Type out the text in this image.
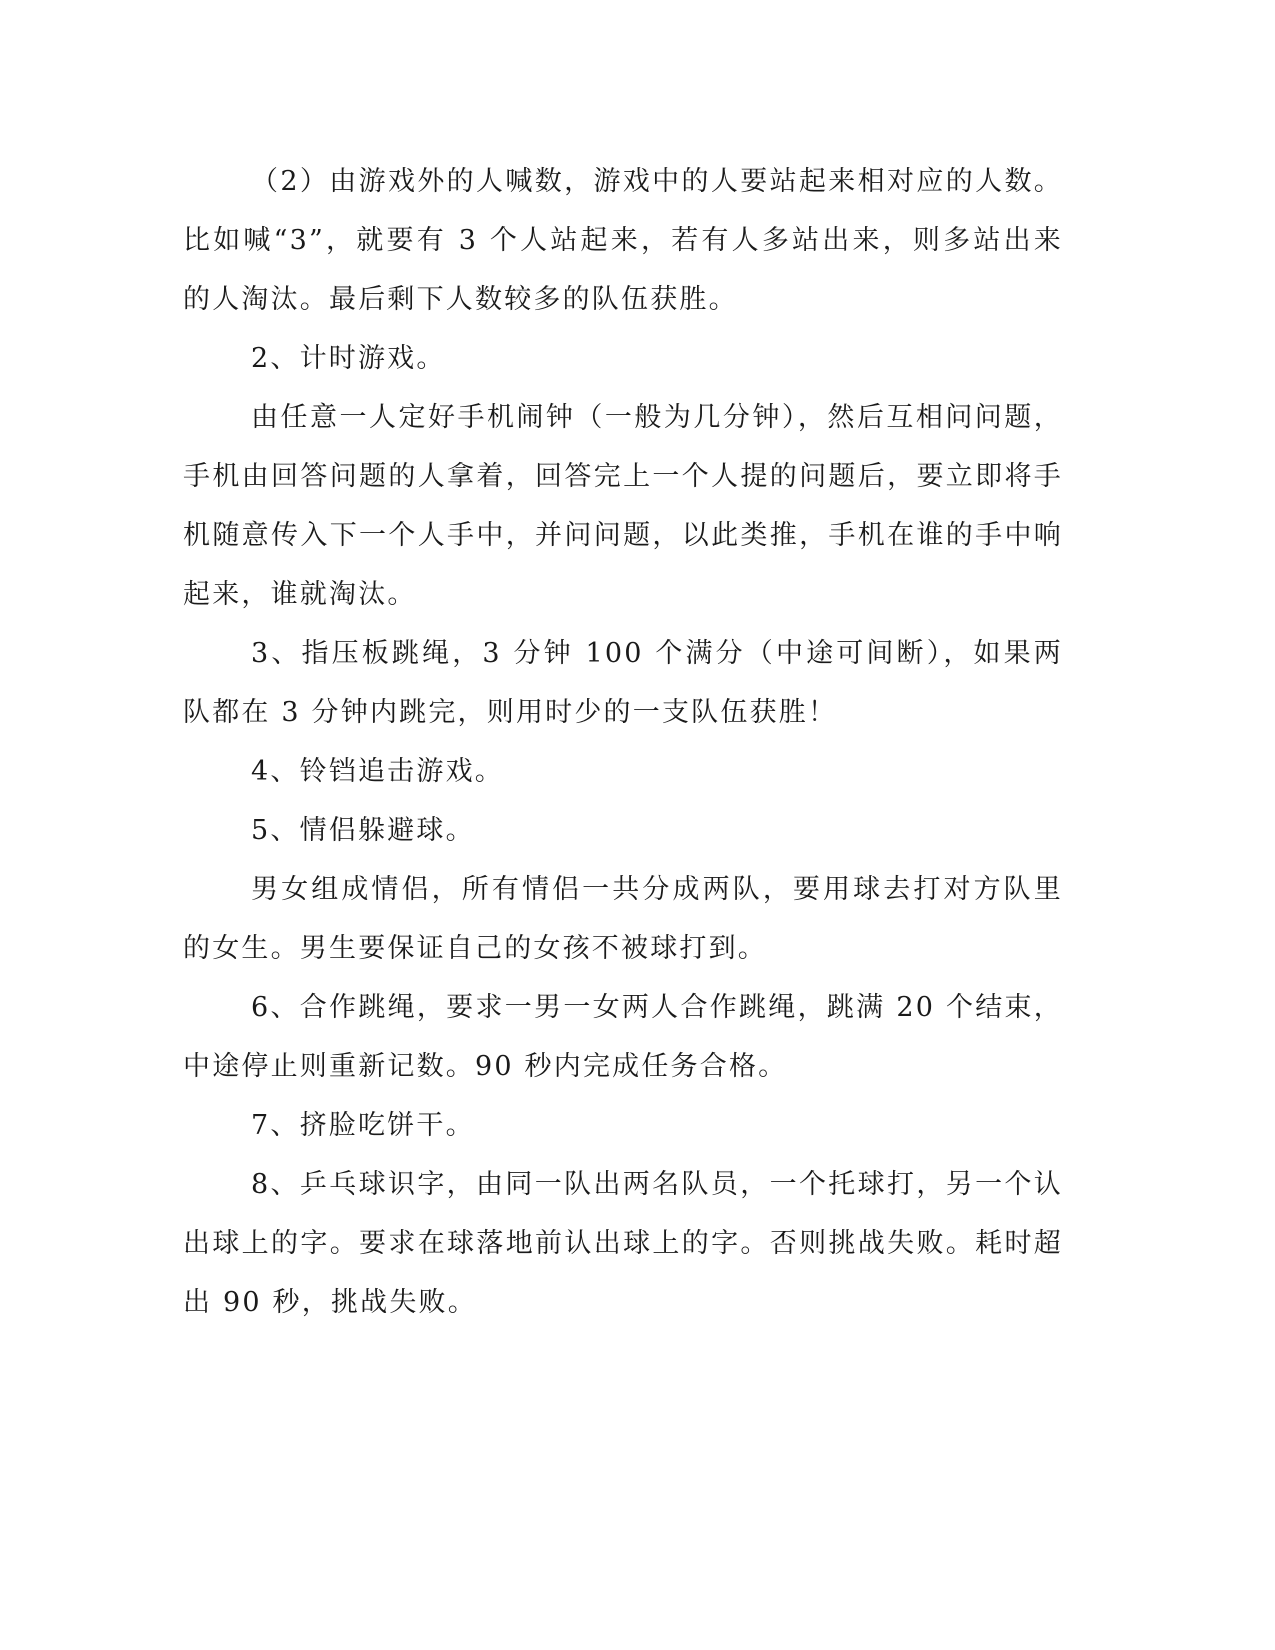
（2）由游戏外的人喊数，游戏中的人要站起来相对应的人数。比如喊“3”，就要有 3 个人站起来，若有人多站出来，则多站出来的人淘汰。最后剩下人数较多的队伍获胜。

2、计时游戏。

由任意一人定好手机闹钟（一般为几分钟），然后互相问问题，手机由回答问题的人拿着，回答完上一个人提的问题后，要立即将手机随意传入下一个人手中，并问问题，以此类推，手机在谁的手中响起来，谁就淘汰。

3、指压板跳绳，3 分钟 100 个满分（中途可间断），如果两队都在 3 分钟内跳完，则用时少的一支队伍获胜！

4、铃铛追击游戏。

5、情侣躲避球。

男女组成情侣，所有情侣一共分成两队，要用球去打对方队里的女生。男生要保证自己的女孩不被球打到。

6、合作跳绳，要求一男一女两人合作跳绳，跳满 20 个结束，中途停止则重新记数。90 秒内完成任务合格。

7、挤脸吃饼干。

8、乒乓球识字，由同一队出两名队员，一个托球打，另一个认出球上的字。要求在球落地前认出球上的字。否则挑战失败。耗时超出 90 秒，挑战失败。
